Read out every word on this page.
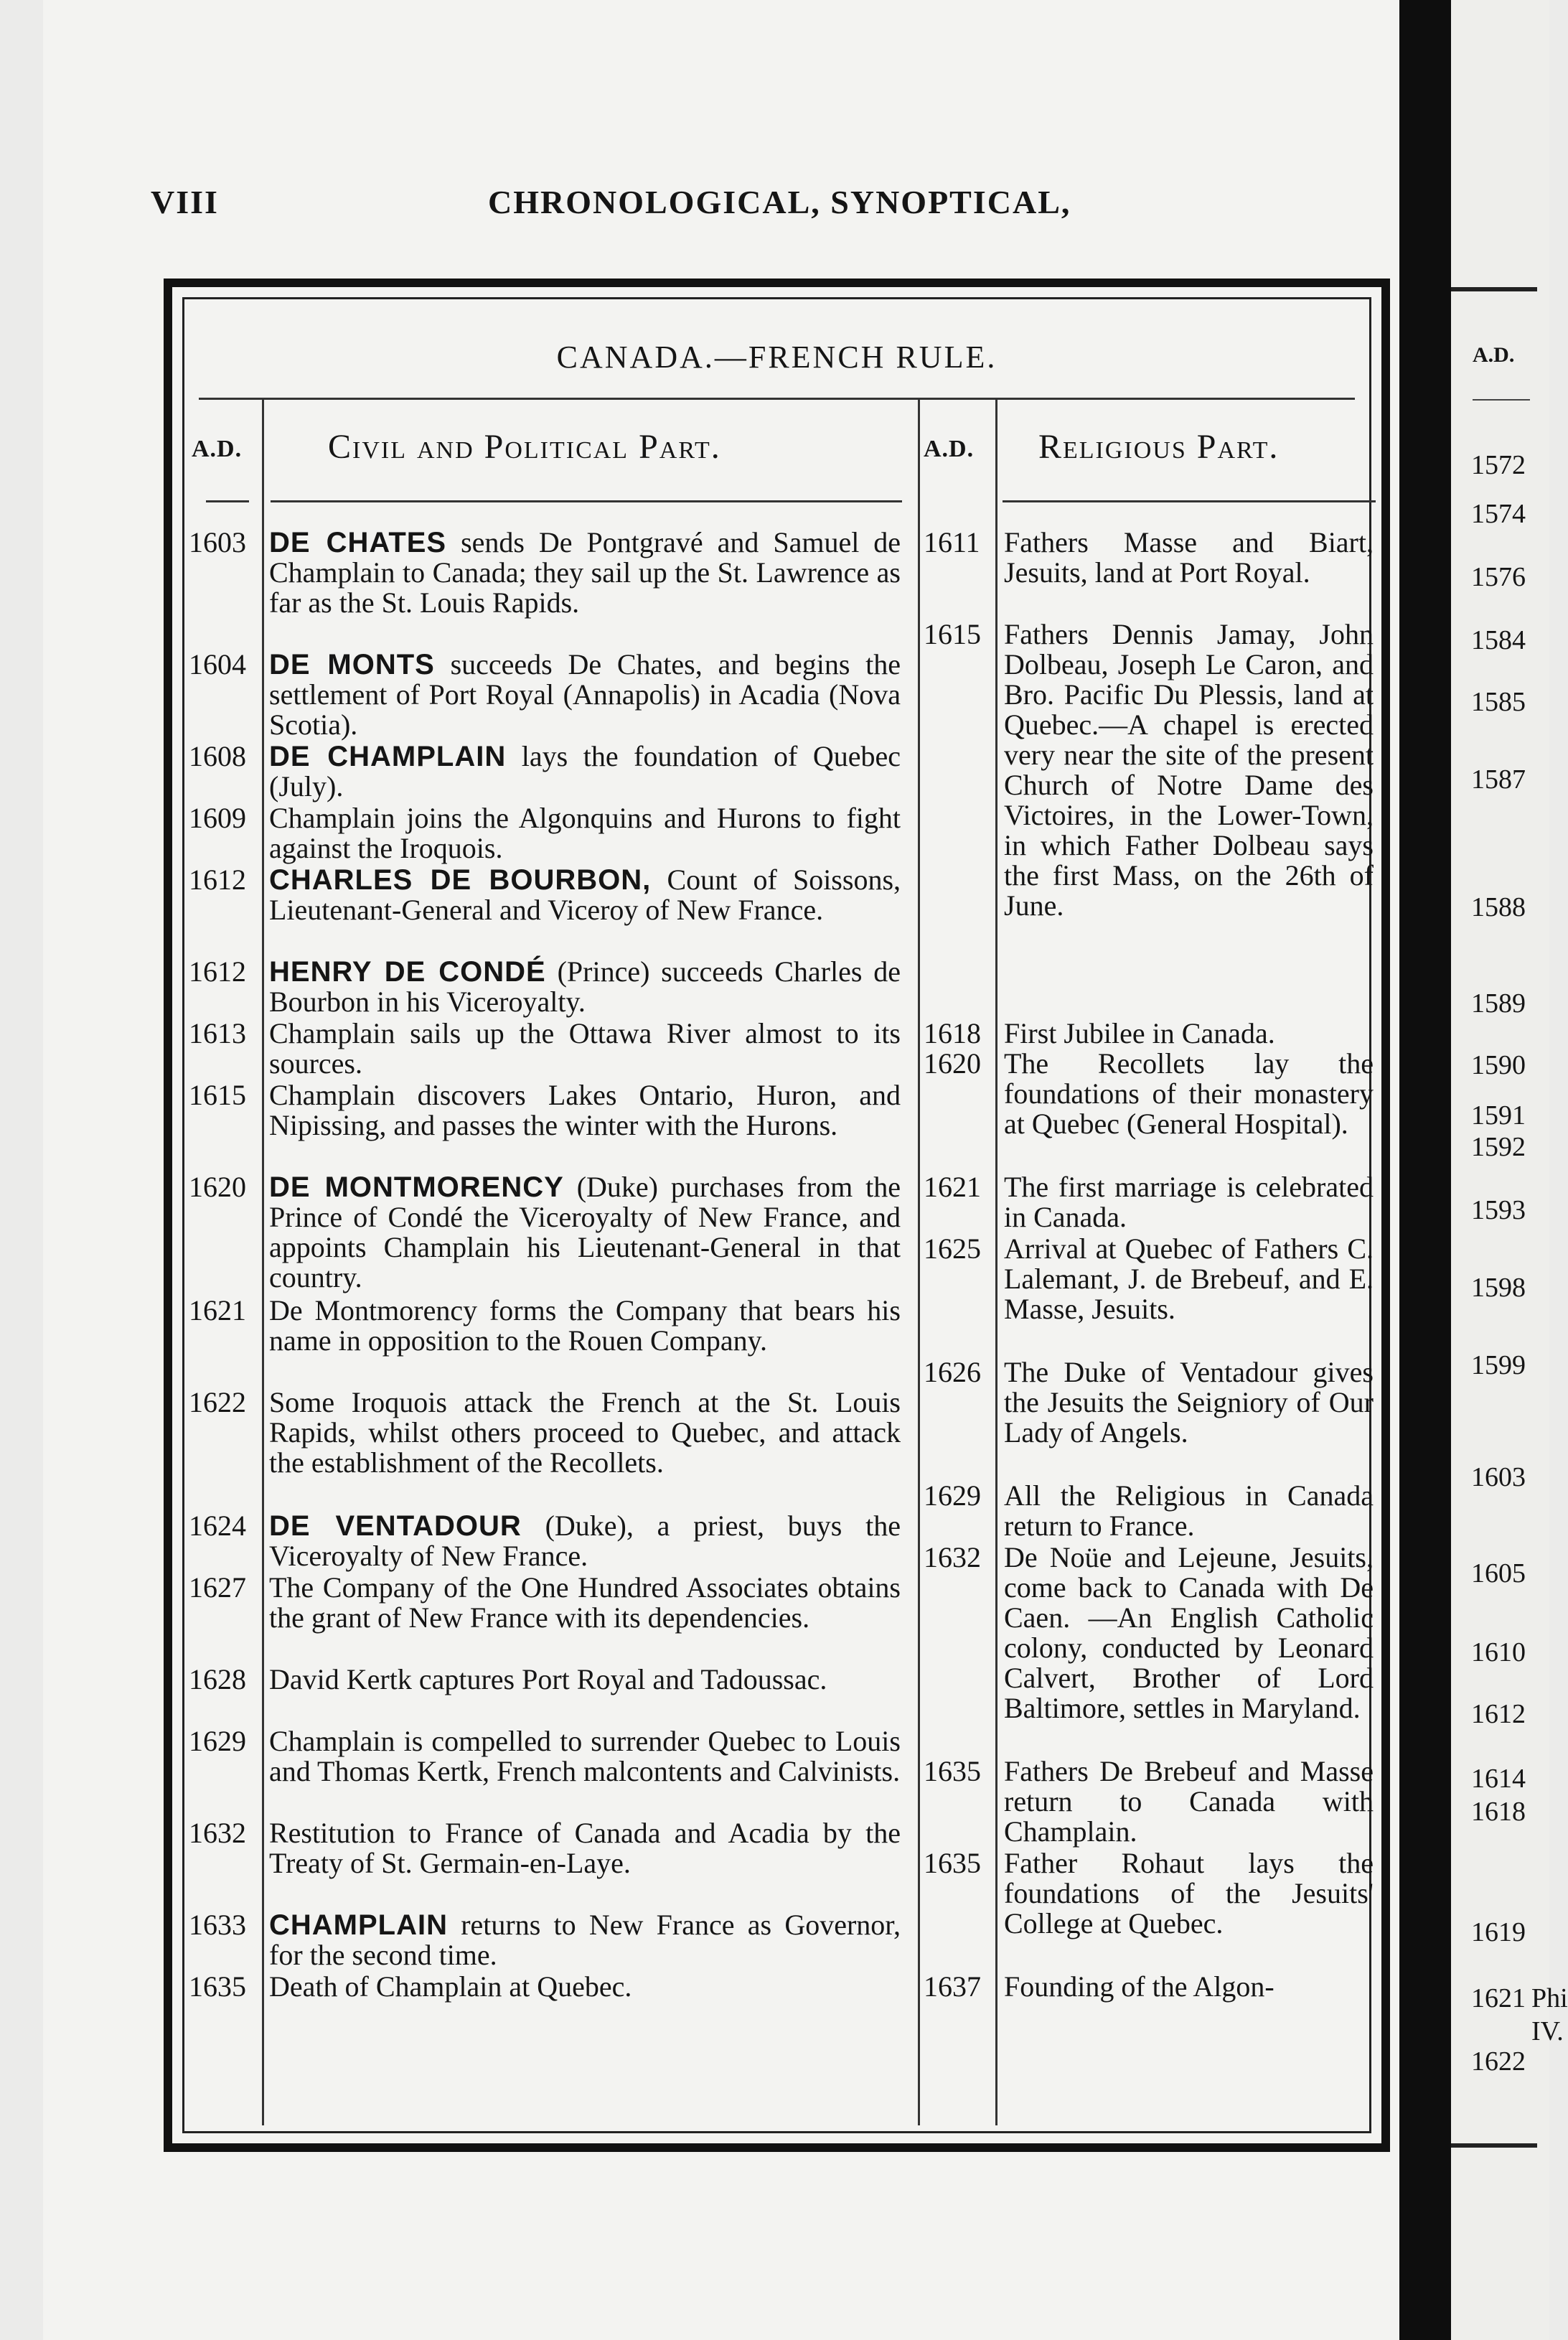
VIII	CHRONOLOGICAL, SYNOPTICAL,
CANADA.—FRENCH RULE.
A.D. Civil and Political Part.	A.D. Religious Part.
1603 DE CHATES sends De Pontgravé and Samuel de Champlain to Canada; they sail up the St. Lawrence as far as the St. Louis Rapids.
1604 DE MONTS succeeds De Chates, and begins the settlement of Port Royal (Annapolis) in Acadia (Nova Scotia).
1608 DE CHAMPLAIN lays the foundation of Quebec (July).
1609 Champlain joins the Algonquins and Hurons to fight against the Iroquois.
1612 CHARLES DE BOURBON, Count of Soissons, Lieutenant-General and Viceroy of New France.
1612 HENRY DE CONDÉ (Prince) succeeds Charles de Bourbon in his Viceroyalty.
1613 Champlain sails up the Ottawa River almost to its sources.
1615 Champlain discovers Lakes Ontario, Huron, and Nipissing, and passes the winter with the Hurons.
1620 DE MONTMORENCY (Duke) purchases from the Prince of Condé the Viceroyalty of New France, and appoints Champlain his Lieutenant-General in that country.
1621 De Montmorency forms the Company that bears his name in opposition to the Rouen Company.
1622 Some Iroquois attack the French at the St. Louis Rapids, whilst others proceed to Quebec, and attack the establishment of the Recollets.
1624 DE VENTADOUR (Duke), a priest, buys the Viceroyalty of New France.
1627 The Company of the One Hundred Associates obtains the grant of New France with its dependencies.
1628 David Kertk captures Port Royal and Tadoussac.
1629 Champlain is compelled to surrender Quebec to Louis and Thomas Kertk, French malcontents and Calvinists.
1632 Restitution to France of Canada and Acadia by the Treaty of St. Germain-en-Laye.
1633 CHAMPLAIN returns to New France as Governor, for the second time.
1635 Death of Champlain at Quebec.
1611 Fathers Masse and Biart, Jesuits, land at Port Royal.
1615 Fathers Dennis Jamay, John Dolbeau, Joseph Le Caron, and Bro. Pacific Du Plessis, land at Quebec.—A chapel is erected very near the site of the present Church of Notre Dame des Victoires, in the Lower-Town, in which Father Dolbeau says the first Mass, on the 26th of June.
1618 First Jubilee in Canada.
1620 The Recollets lay the foundations of their monastery at Quebec (General Hospital).
1621 The first marriage is celebrated in Canada.
1625 Arrival at Quebec of Fathers C. Lalemant, J. de Brebeuf, and E. Masse, Jesuits.
1626 The Duke of Ventadour gives the Jesuits the Seigniory of Our Lady of Angels.
1629 All the Religious in Canada return to France.
1632 De Noüe and Lejeune, Jesuits, come back to Canada with De Caen. —An English Catholic colony, conducted by Leonard Calvert, Brother of Lord Baltimore, settles in Maryland.
1635 Fathers De Brebeuf and Masse return to Canada with Champlain.
1635 Father Rohaut lays the foundations of the Jesuits' College at Quebec.
1637 Founding of the Algon-
A.D.
1572
1574
1576
1584
1585
1587
1588
1589
1590
1591
1592
1593
1598
1599
1603
1605
1610
1612
1614
1618
1619
1621
1622
Phi
IV.
